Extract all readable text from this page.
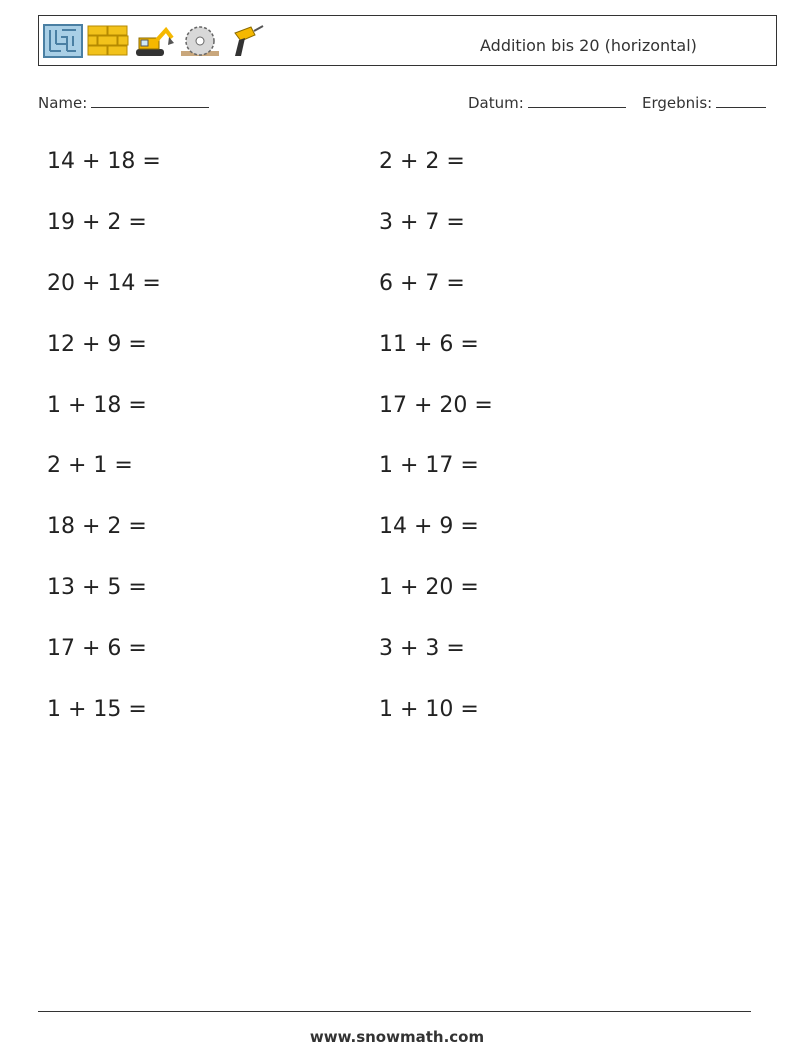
Addition bis 20 (horizontal)
Name:	Datum:	Ergebnis:
14 + 18 =
19 + 2 =
20 + 14 =
12 + 9 =
1 + 18 =
2 + 1 =
18 + 2 =
13 + 5 =
17 + 6 =
1 + 15 =
2 + 2 =
3 + 7 =
6 + 7 =
11 + 6 =
17 + 20 =
1 + 17 =
14 + 9 =
1 + 20 =
3 + 3 =
1 + 10 =
www.snowmath.com
